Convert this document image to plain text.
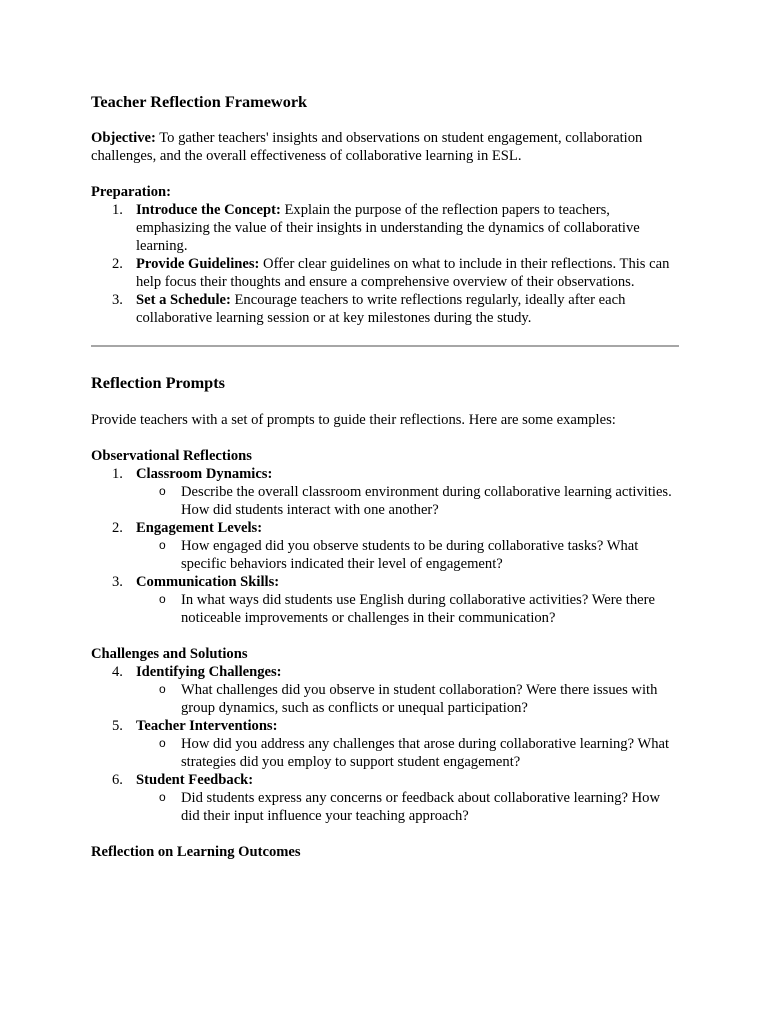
Teacher Reflection Framework

Objective: To gather teachers' insights and observations on student engagement, collaboration challenges, and the overall effectiveness of collaborative learning in ESL.

Preparation:

1. Introduce the Concept: Explain the purpose of the reflection papers to teachers, emphasizing the value of their insights in understanding the dynamics of collaborative learning.
2. Provide Guidelines: Offer clear guidelines on what to include in their reflections. This can help focus their thoughts and ensure a comprehensive overview of their observations.
3. Set a Schedule: Encourage teachers to write reflections regularly, ideally after each collaborative learning session or at key milestones during the study.
Reflection Prompts

Provide teachers with a set of prompts to guide their reflections. Here are some examples:

Observational Reflections

1. Classroom Dynamics:
o Describe the overall classroom environment during collaborative learning activities. How did students interact with one another?
2. Engagement Levels:
o How engaged did you observe students to be during collaborative tasks? What specific behaviors indicated their level of engagement?
3. Communication Skills:
o In what ways did students use English during collaborative activities? Were there noticeable improvements or challenges in their communication?

Challenges and Solutions

4. Identifying Challenges:
o What challenges did you observe in student collaboration? Were there issues with group dynamics, such as conflicts or unequal participation?
5. Teacher Interventions:
o How did you address any challenges that arose during collaborative learning? What strategies did you employ to support student engagement?
6. Student Feedback:
o Did students express any concerns or feedback about collaborative learning? How did their input influence your teaching approach?

Reflection on Learning Outcomes
